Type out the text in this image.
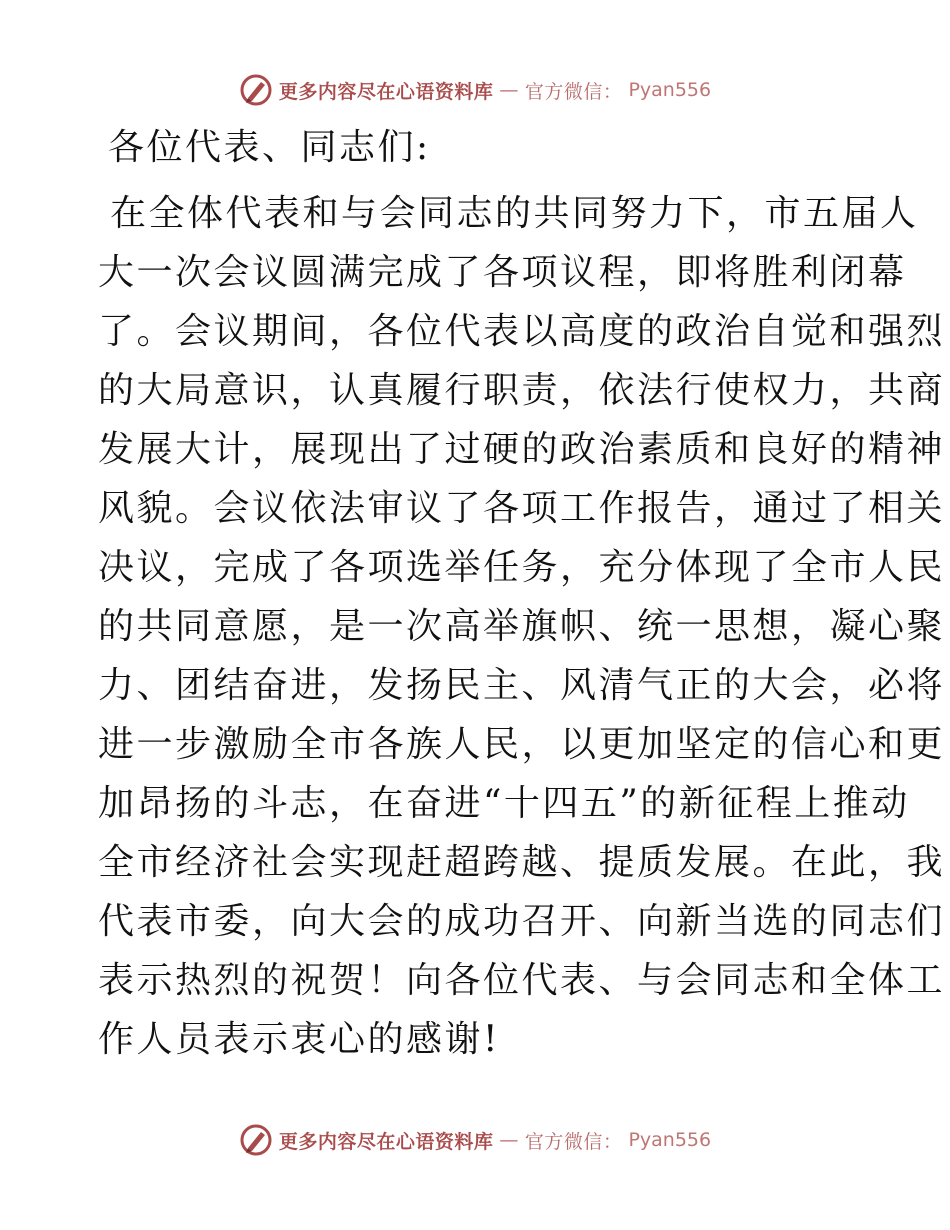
更多内容尽在心语资料库 — 官方微信： Pyan556
各位代表、同志们:
在全体代表和与会同志的共同努力下，市五届人
大一次会议圆满完成了各项议程，即将胜利闭幕
了。会议期间，各位代表以高度的政治自觉和强烈
的大局意识，认真履行职责，依法行使权力，共商
发展大计，展现出了过硬的政治素质和良好的精神
风貌。会议依法审议了各项工作报告，通过了相关
决议，完成了各项选举任务，充分体现了全市人民
的共同意愿，是一次高举旗帜、统一思想，凝心聚
力、团结奋进，发扬民主、风清气正的大会，必将
进一步激励全市各族人民，以更加坚定的信心和更
加昂扬的斗志，在奋进“十四五”的新征程上推动
全市经济社会实现赶超跨越、提质发展。在此，我
代表市委，向大会的成功召开、向新当选的同志们
表示热烈的祝贺！向各位代表、与会同志和全体工
作人员表示衷心的感谢!
更多内容尽在心语资料库 — 官方微信： Pyan556
